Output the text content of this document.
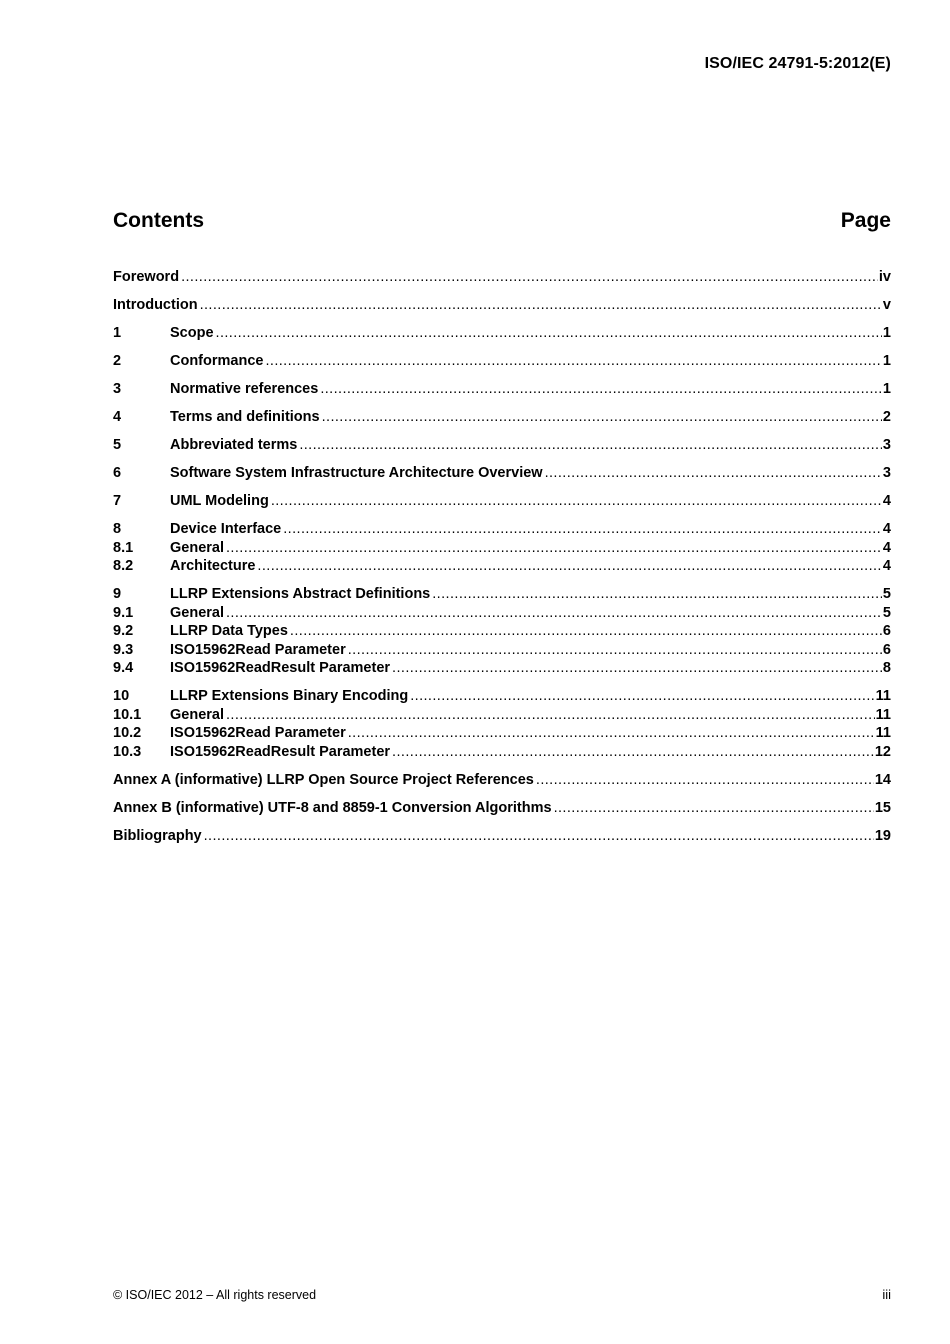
ISO/IEC 24791-5:2012(E)
Contents	Page
Foreword .....	iv
Introduction .....	v
1	Scope .....	1
2	Conformance .....	1
3	Normative references .....	1
4	Terms and definitions .....	2
5	Abbreviated terms .....	3
6	Software System Infrastructure Architecture Overview .....	3
7	UML Modeling .....	4
8	Device Interface .....	4
8.1	General .....	4
8.2	Architecture .....	4
9	LLRP Extensions Abstract Definitions .....	5
9.1	General .....	5
9.2	LLRP Data Types .....	6
9.3	ISO15962Read Parameter .....	6
9.4	ISO15962ReadResult Parameter .....	8
10	LLRP Extensions Binary Encoding .....	11
10.1	General .....	11
10.2	ISO15962Read Parameter .....	11
10.3	ISO15962ReadResult Parameter .....	12
Annex A (informative) LLRP Open Source Project References .....	14
Annex B (informative) UTF-8 and 8859-1 Conversion Algorithms .....	15
Bibliography .....	19
© ISO/IEC 2012 – All rights reserved	iii
